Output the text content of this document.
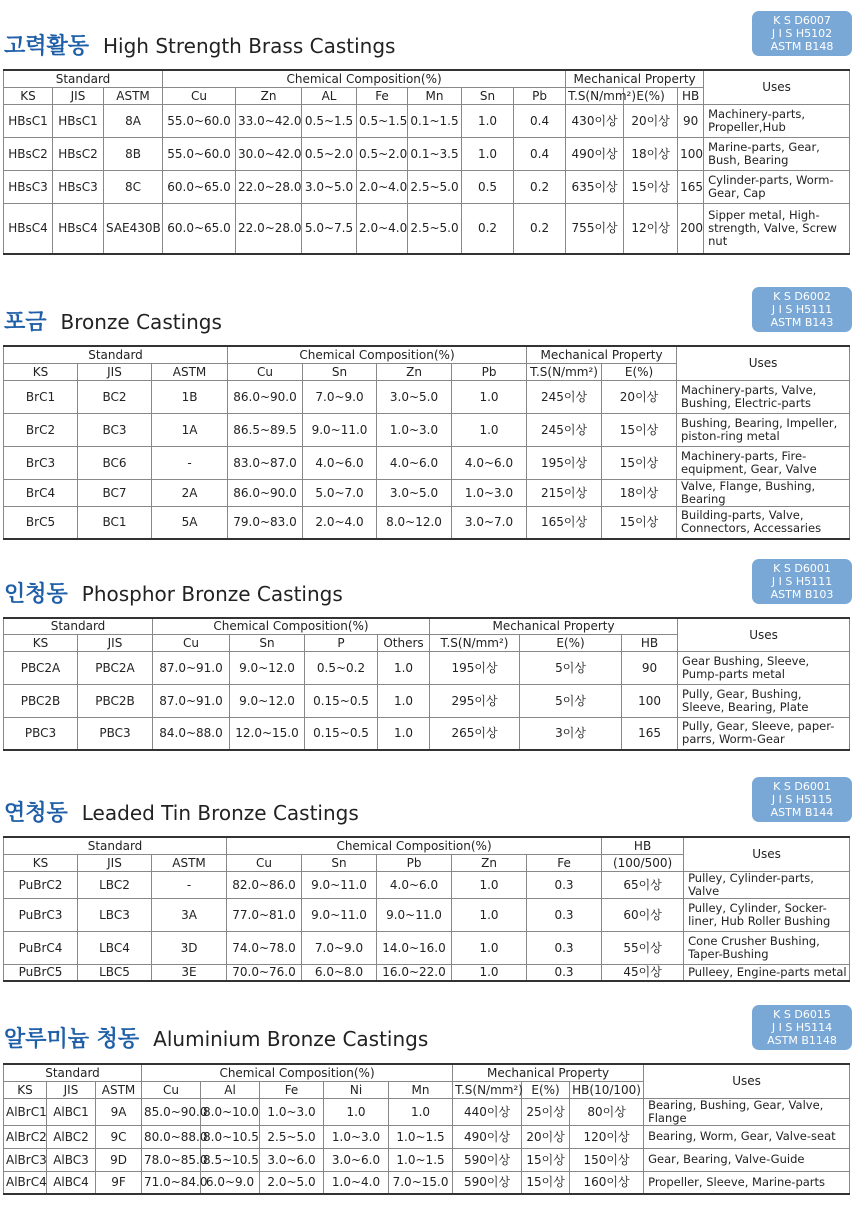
고력활동 High Strength Brass Castings
K S D6007
J I S H5102
ASTM B148
Standard			Chemical Composition(%)							Mechanical Property			Uses
KS	JIS	ASTM	Cu	Zn	AL	Fe	Mn	Sn	Pb	T.S(N/mm²)	E(%)	HB	
HBsC1	HBsC1	8A	55.0~60.0	33.0~42.0	0.5~1.5	0.5~1.5	0.1~1.5	1.0	0.4	430이상	20이상	90	Machinery-parts, Propeller,Hub
HBsC2	HBsC2	8B	55.0~60.0	30.0~42.0	0.5~2.0	0.5~2.0	0.1~3.5	1.0	0.4	490이상	18이상	100	Marine-parts, Gear, Bush, Bearing
HBsC3	HBsC3	8C	60.0~65.0	22.0~28.0	3.0~5.0	2.0~4.0	2.5~5.0	0.5	0.2	635이상	15이상	165	Cylinder-parts, Worm-Gear, Cap
HBsC4	HBsC4	SAE430B	60.0~65.0	22.0~28.0	5.0~7.5	2.0~4.0	2.5~5.0	0.2	0.2	755이상	12이상	200	Sipper metal, High-strength, Valve, Screw nut
포금 Bronze Castings
K S D6002
J I S H5111
ASTM B143
Standard			Chemical Composition(%)				Mechanical Property		Uses
KS	JIS	ASTM	Cu	Sn	Zn	Pb	T.S(N/mm²)	E(%)	
BrC1	BC2	1B	86.0~90.0	7.0~9.0	3.0~5.0	1.0	245이상	20이상	Machinery-parts, Valve, Bushing, Electric-parts
BrC2	BC3	1A	86.5~89.5	9.0~11.0	1.0~3.0	1.0	245이상	15이상	Bushing, Bearing, Impeller, piston-ring metal
BrC3	BC6	-	83.0~87.0	4.0~6.0	4.0~6.0	4.0~6.0	195이상	15이상	Machinery-parts, Fire-equipment, Gear, Valve
BrC4	BC7	2A	86.0~90.0	5.0~7.0	3.0~5.0	1.0~3.0	215이상	18이상	Valve, Flange, Bushing, Bearing
BrC5	BC1	5A	79.0~83.0	2.0~4.0	8.0~12.0	3.0~7.0	165이상	15이상	Building-parts, Valve, Connectors, Accessaries
인청동 Phosphor Bronze Castings
K S D6001
J I S H5111
ASTM B103
Standard		Chemical Composition(%)				Mechanical Property			Uses
KS	JIS	Cu	Sn	P	Others	T.S(N/mm²)	E(%)	HB	
PBC2A	PBC2A	87.0~91.0	9.0~12.0	0.5~0.2	1.0	195이상	5이상	90	Gear Bushing, Sleeve, Pump-parts metal
PBC2B	PBC2B	87.0~91.0	9.0~12.0	0.15~0.5	1.0	295이상	5이상	100	Pully, Gear, Bushing, Sleeve, Bearing, Plate
PBC3	PBC3	84.0~88.0	12.0~15.0	0.15~0.5	1.0	265이상	3이상	165	Pully, Gear, Sleeve, paper-parrs, Worm-Gear
연청동 Leaded Tin Bronze Castings
K S D6001
J I S H5115
ASTM B144
Standard			Chemical Composition(%)					HB	Uses
KS	JIS	ASTM	Cu	Sn	Pb	Zn	Fe	(100/500)	
PuBrC2	LBC2	-	82.0~86.0	9.0~11.0	4.0~6.0	1.0	0.3	65이상	Pulley, Cylinder-parts, Valve
PuBrC3	LBC3	3A	77.0~81.0	9.0~11.0	9.0~11.0	1.0	0.3	60이상	Pulley, Cylinder, Socker-liner, Hub Roller Bushing
PuBrC4	LBC4	3D	74.0~78.0	7.0~9.0	14.0~16.0	1.0	0.3	55이상	Cone Crusher Bushing, Taper-Bushing
PuBrC5	LBC5	3E	70.0~76.0	6.0~8.0	16.0~22.0	1.0	0.3	45이상	Pulleey, Engine-parts metal
알루미늄 청동 Aluminium Bronze Castings
K S D6015
J I S H5114
ASTM B1148
Standard			Chemical Composition(%)					Mechanical Property			Uses
KS	JIS	ASTM	Cu	Al	Fe	Ni	Mn	T.S(N/mm²)	E(%)	HB(10/100)	
AlBrC1	AlBC1	9A	85.0~90.0	8.0~10.0	1.0~3.0	1.0	1.0	440이상	25이상	80이상	Bearing, Bushing, Gear, Valve, Flange
AlBrC2	AlBC2	9C	80.0~88.0	8.0~10.5	2.5~5.0	1.0~3.0	1.0~1.5	490이상	20이상	120이상	Bearing, Worm, Gear, Valve-seat
AlBrC3	AlBC3	9D	78.0~85.0	8.5~10.5	3.0~6.0	3.0~6.0	1.0~1.5	590이상	15이상	150이상	Gear, Bearing, Valve-Guide
AlBrC4	AlBC4	9F	71.0~84.0	6.0~9.0	2.0~5.0	1.0~4.0	7.0~15.0	590이상	15이상	160이상	Propeller, Sleeve, Marine-parts
